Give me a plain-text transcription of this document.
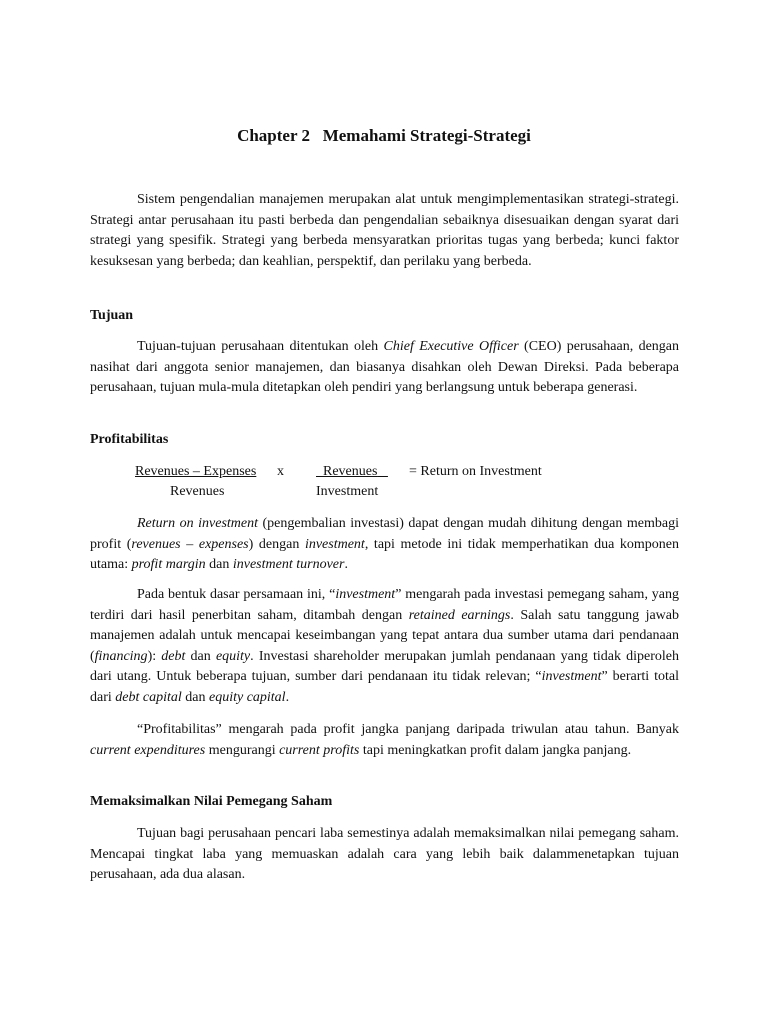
Chapter 2   Memahami Strategi-Strategi

Sistem pengendalian manajemen merupakan alat untuk mengimplementasikan strategi-strategi. Strategi antar perusahaan itu pasti berbeda dan pengendalian sebaiknya disesuaikan dengan syarat dari strategi yang spesifik. Strategi yang berbeda mensyaratkan prioritas tugas yang berbeda; kunci faktor kesuksesan yang berbeda; dan keahlian, perspektif, dan perilaku yang berbeda.

Tujuan

Tujuan-tujuan perusahaan ditentukan oleh Chief Executive Officer (CEO) perusahaan, dengan nasihat dari anggota senior manajemen, dan biasanya disahkan oleh Dewan Direksi. Pada beberapa perusahaan, tujuan mula-mula ditetapkan oleh pendiri yang berlangsung untuk beberapa generasi.

Profitabilitas
Revenues – Expenses x
Revenues
Revenues
Investment
= Return on Investment

Return on investment (pengembalian investasi) dapat dengan mudah dihitung dengan membagi profit (revenues – expenses) dengan investment, tapi metode ini tidak memperhatikan dua komponen utama: profit margin dan investment turnover.

Pada bentuk dasar persamaan ini, “investment” mengarah pada investasi pemegang saham, yang terdiri dari hasil penerbitan saham, ditambah dengan retained earnings. Salah satu tanggung jawab manajemen adalah untuk mencapai keseimbangan yang tepat antara dua sumber utama dari pendanaan (financing): debt dan equity. Investasi shareholder merupakan jumlah pendanaan yang tidak diperoleh dari utang. Untuk beberapa tujuan, sumber dari pendanaan itu tidak relevan; “investment” berarti total dari debt capital dan equity capital.

“Profitabilitas” mengarah pada profit jangka panjang daripada triwulan atau tahun. Banyak current expenditures mengurangi current profits tapi meningkatkan profit dalam jangka panjang.

Memaksimalkan Nilai Pemegang Saham

Tujuan bagi perusahaan pencari laba semestinya adalah memaksimalkan nilai pemegang saham. Mencapai tingkat laba yang memuaskan adalah cara yang lebih baik dalammenetapkan tujuan perusahaan, ada dua alasan.
